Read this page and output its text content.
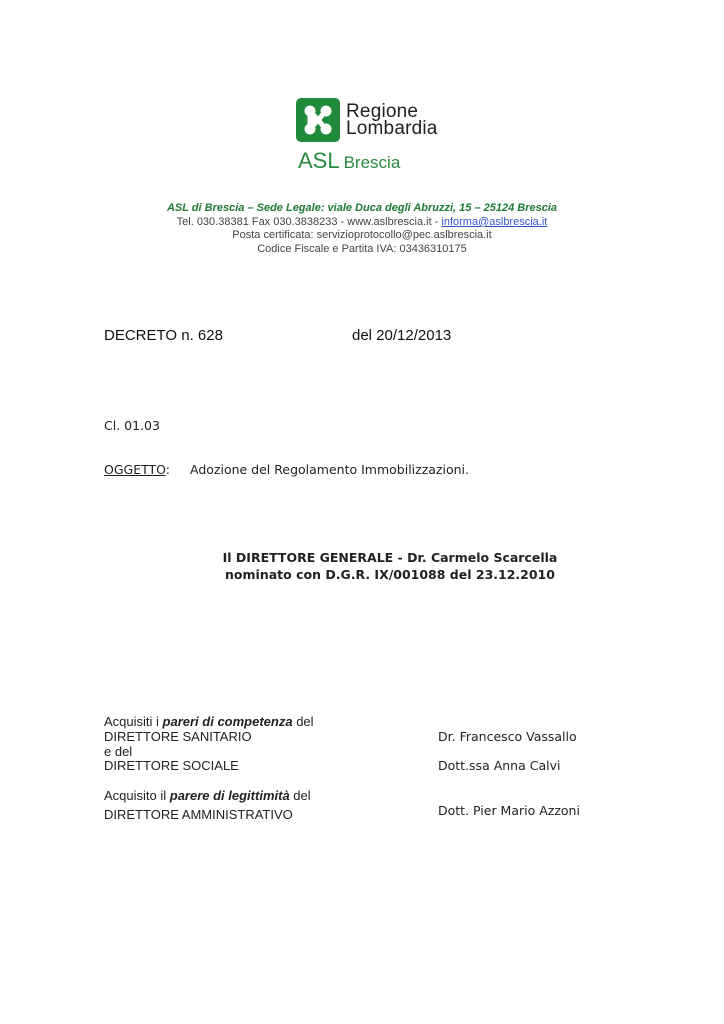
Regione
Lombardia
ASL Brescia
ASL di Brescia – Sede Legale: viale Duca degli Abruzzi, 15 – 25124 Brescia
Tel. 030.38381 Fax 030.3838233 - www.aslbrescia.it - informa@aslbrescia.it
Posta certificata: servizioprotocollo@pec.aslbrescia.it
Codice Fiscale e Partita IVA: 03436310175
DECRETO n. 628	del 20/12/2013
Cl. 01.03
OGGETTO: Adozione del Regolamento Immobilizzazioni.
Il DIRETTORE GENERALE - Dr. Carmelo Scarcella
nominato con D.G.R. IX/001088 del 23.12.2010
Acquisiti i pareri di competenza del
DIRETTORE SANITARIO
e del
DIRETTORE SOCIALE
Acquisito il parere di legittimità del
DIRETTORE AMMINISTRATIVO
Dr. Francesco Vassallo
Dott.ssa Anna Calvi
Dott. Pier Mario Azzoni
